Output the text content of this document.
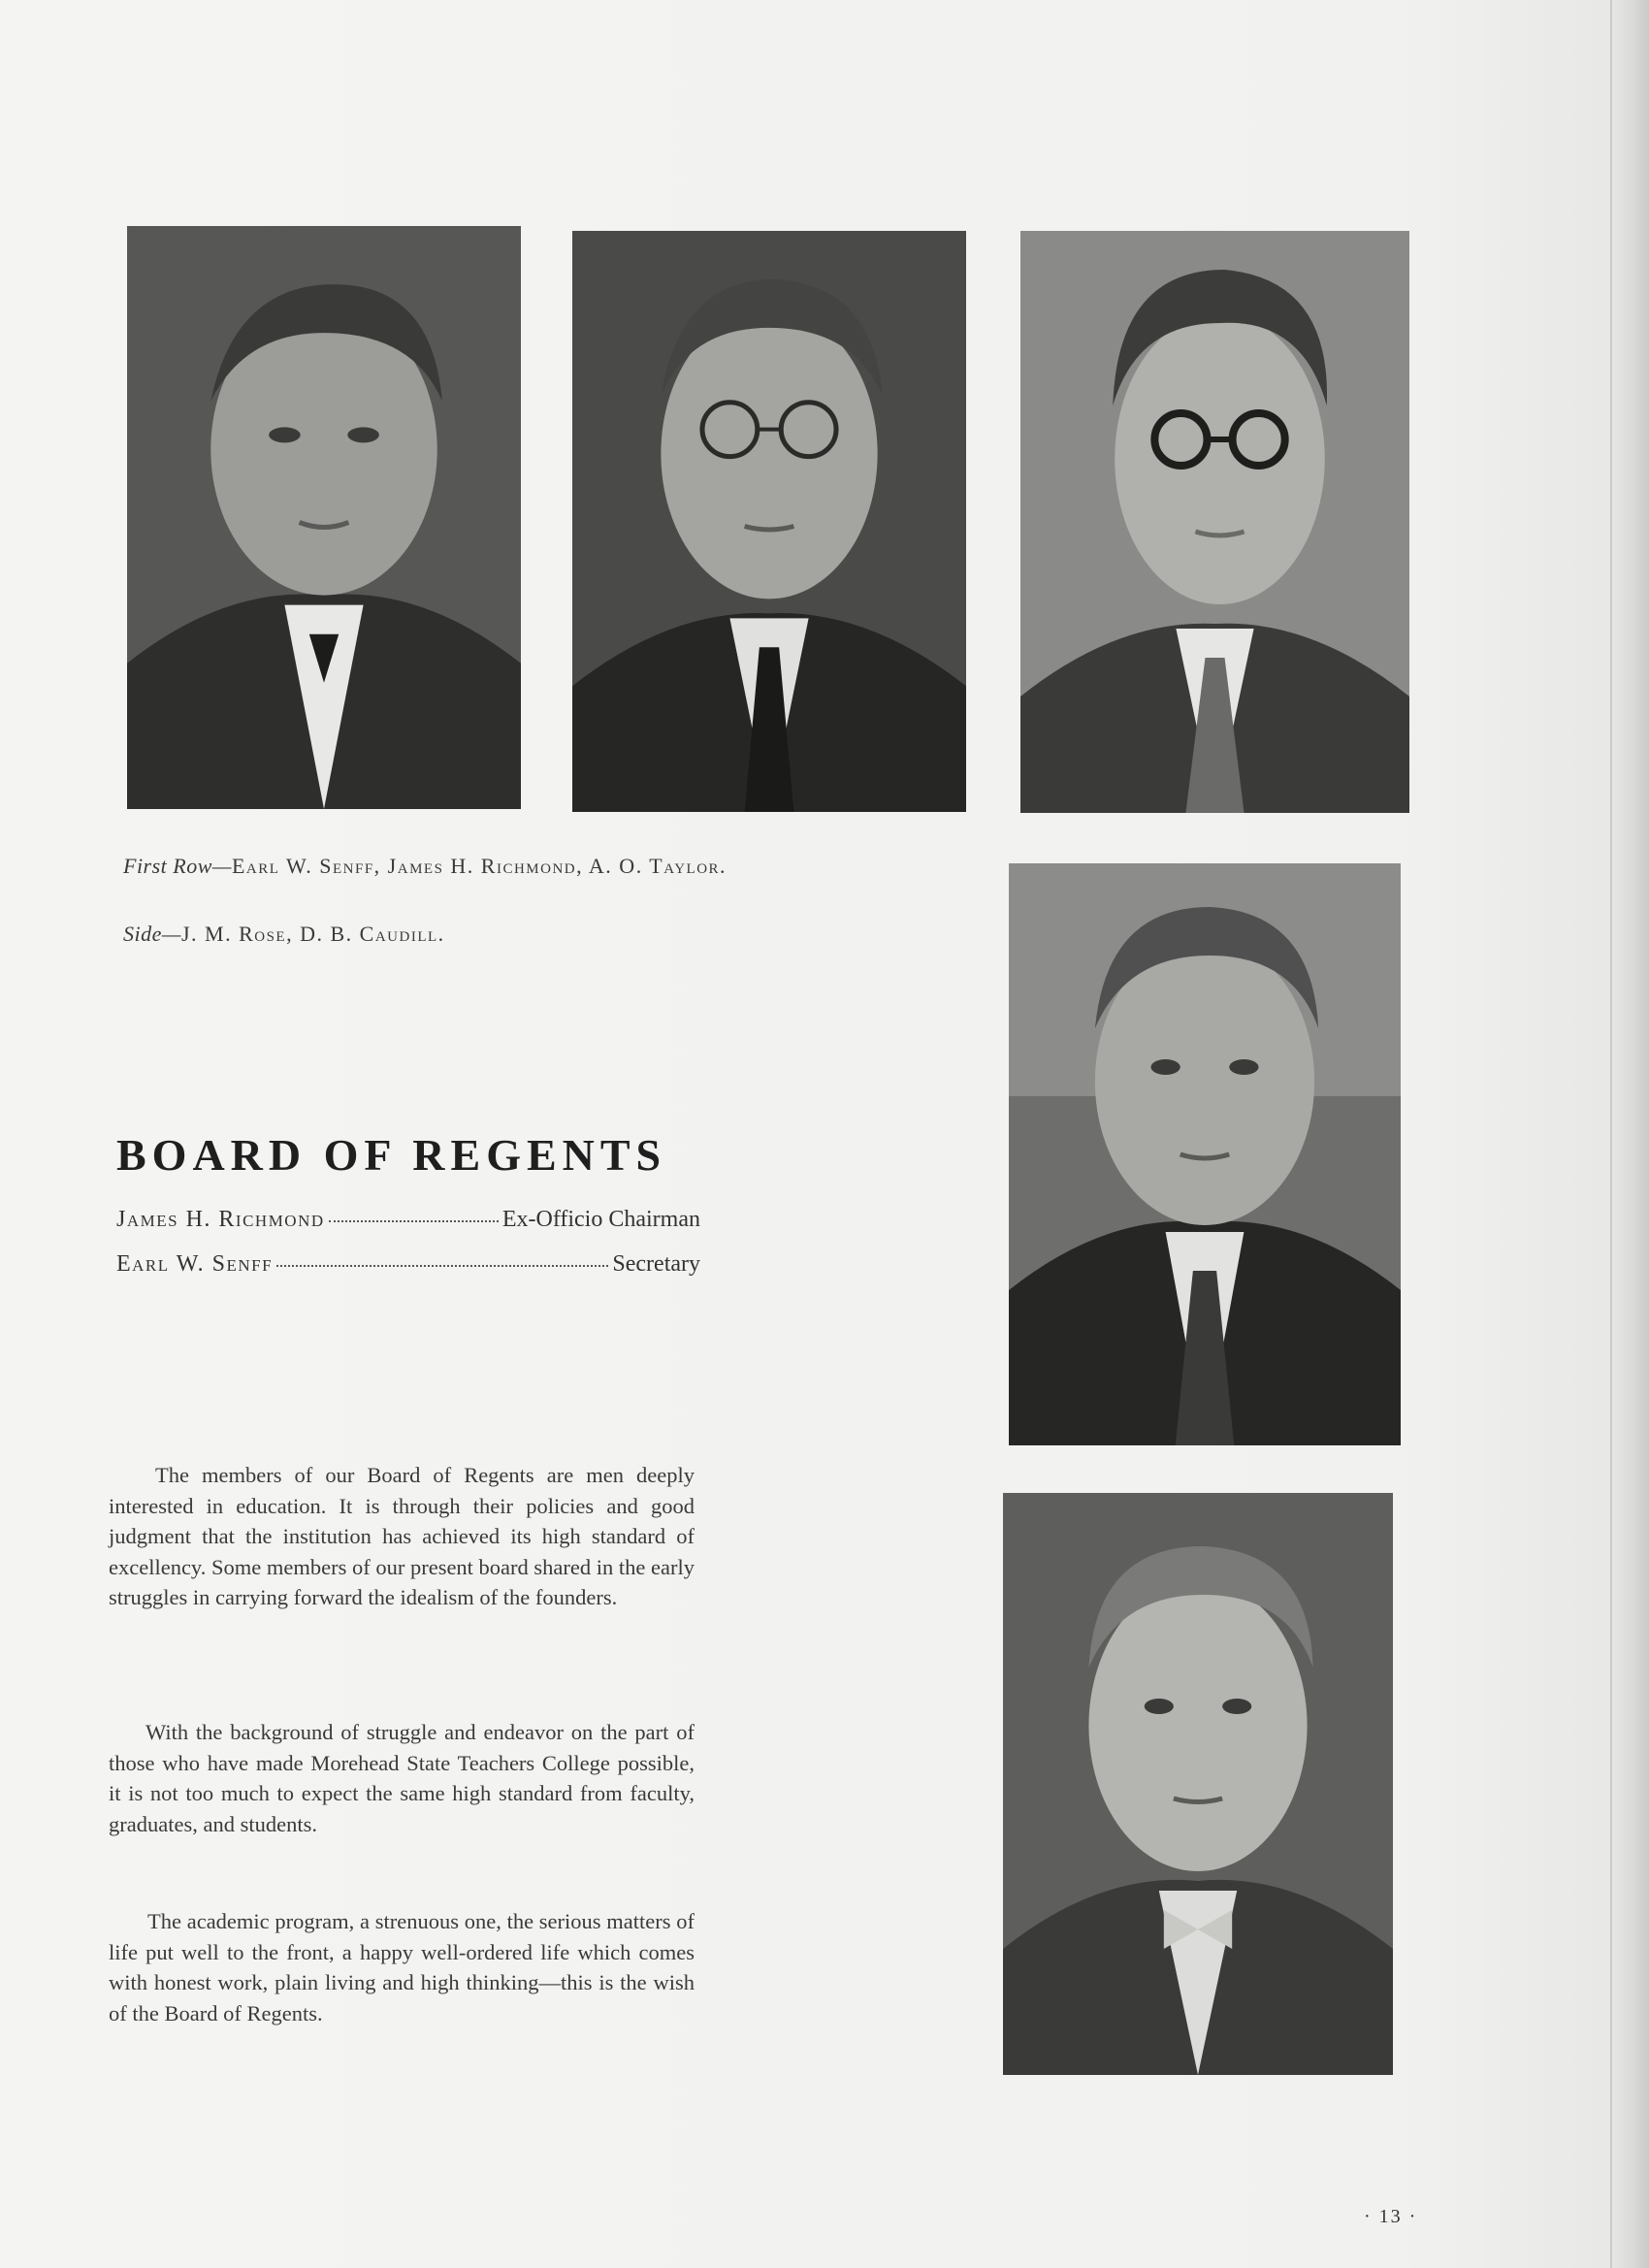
First Row—Earl W. Senff, James H. Richmond, A. O. Taylor.
Side—J. M. Rose, D. B. Caudill.
BOARD OF REGENTS
James H. Richmond	Ex-Officio Chairman
Earl W. Senff	Secretary

The members of our Board of Regents are men deeply interested in education. It is through their policies and good judgment that the institution has achieved its high standard of excellency. Some members of our present board shared in the early struggles in carrying forward the idealism of the founders.

With the background of struggle and endeavor on the part of those who have made Morehead State Teachers College possible, it is not too much to expect the same high standard from faculty, graduates, and students.

The academic program, a strenuous one, the serious matters of life put well to the front, a happy well-ordered life which comes with honest work, plain living and high thinking—this is the wish of the Board of Regents.

· 13 ·
